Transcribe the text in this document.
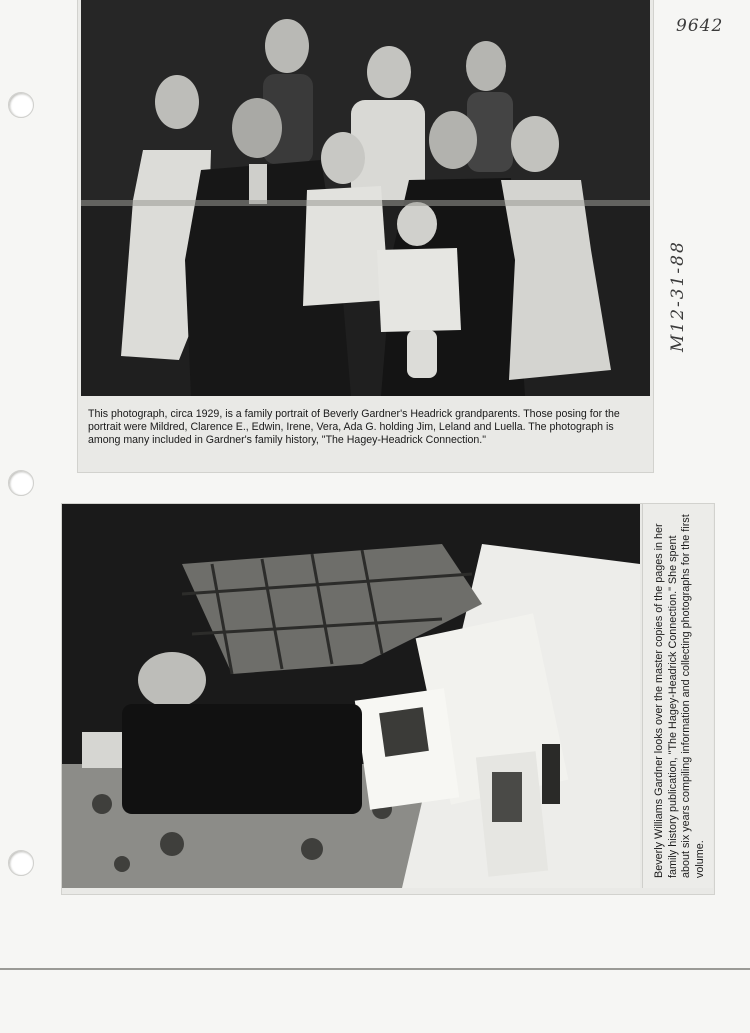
9642
M12-31-88

This photograph, circa 1929, is a family portrait of Beverly Gardner's Headrick grandparents. Those posing for the portrait were Mildred, Clarence E., Edwin, Irene, Vera, Ada G. holding Jim, Leland and Luella. The photograph is among many included in Gardner's family history, "The Hagey-Headrick Connection."

Beverly Williams Gardner looks over the master copies of the pages in her family history publication, "The Hagey-Headrick Connection." She spent about six years compiling information and collecting photographs for the first volume.
